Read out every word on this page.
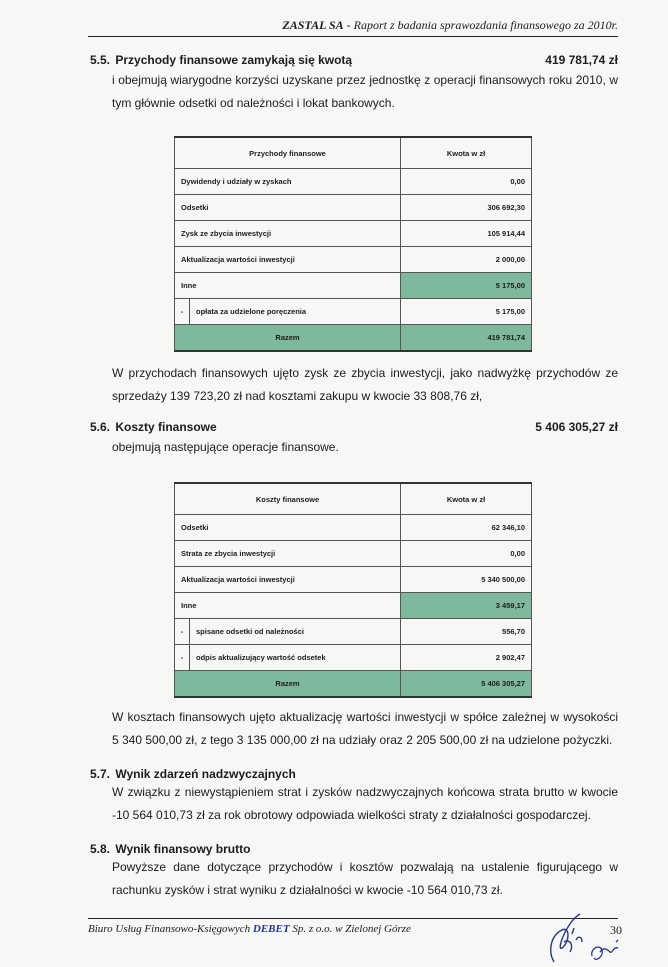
ZASTAL SA - Raport z badania sprawozdania finansowego za 2010r.
5.5. Przychody finansowe zamykają się kwotą	419 781,74 zł
i obejmują wiarygodne korzyści uzyskane przez jednostkę z operacji finansowych roku 2010, w tym głównie odsetki od należności i lokat bankowych.
Przychody finansowe		Kwota w zł
Dywidendy i udziały w zyskach		0,00
Odsetki		306 692,30
Zysk ze zbycia inwestycji		105 914,44
Aktualizacja wartości inwestycji		2 000,00
Inne		5 175,00
-	opłata za udzielone poręczenia	5 175,00
Razem		419 781,74
W przychodach finansowych ujęto zysk ze zbycia inwestycji, jako nadwyżkę przychodów ze sprzedaży 139 723,20 zł nad kosztami zakupu w kwocie 33 808,76 zł,
5.6. Koszty finansowe	5 406 305,27 zł
obejmują następujące operacje finansowe.
Koszty finansowe		Kwota w zł
Odsetki		62 346,10
Strata ze zbycia inwestycji		0,00
Aktualizacja wartości inwestycji		5 340 500,00
Inne		3 459,17
-	spisane odsetki od należności	556,70
-	odpis aktualizujący wartość odsetek	2 902,47
Razem		5 406 305,27
W kosztach finansowych ujęto aktualizację wartości inwestycji w spółce zależnej w wysokości 5 340 500,00 zł, z tego 3 135 000,00 zł na udziały oraz 2 205 500,00 zł na udzielone pożyczki.
5.7. Wynik zdarzeń nadzwyczajnych
W związku z niewystąpieniem strat i zysków nadzwyczajnych końcowa strata brutto w kwocie -10 564 010,73 zł za rok obrotowy odpowiada wielkości straty z działalności gospodarczej.
5.8. Wynik finansowy brutto
Powyższe dane dotyczące przychodów i kosztów pozwalają na ustalenie figurującego w rachunku zysków i strat wyniku z działalności w kwocie -10 564 010,73 zł.
Biuro Usług Finansowo-Księgowych DEBET Sp. z o.o. w Zielonej Górze	30
